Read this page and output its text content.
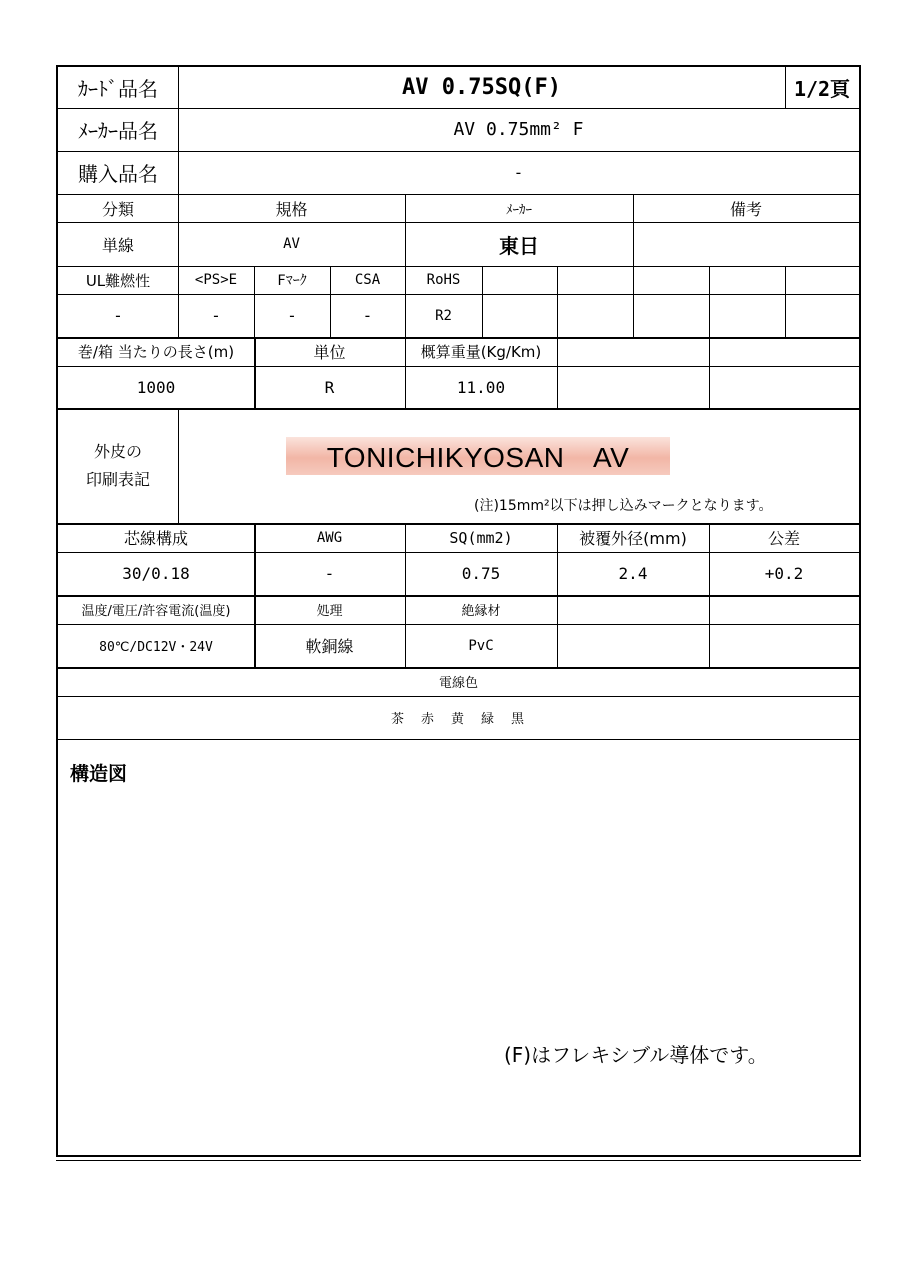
ｶｰﾄﾞ品名	AV 0.75SQ(F)	1/2頁
ﾒｰｶｰ品名	AV 0.75mm² F
購入品名	-
分類	規格	ﾒｰｶｰ	備考
単線	AV	東日
UL難燃性	<PS>E	Fﾏｰｸ	CSA	RoHS
-	-	-	-	R2
巻/箱 当たりの長さ(m)	単位	概算重量(Kg/Km)
1000	R	11.00
外皮の
印刷表記
TONICHIKYOSAN　AV
(注)15mm²以下は押し込みマークとなります。
芯線構成	AWG	SQ(mm2)	被覆外径(mm)	公差
30/0.18	-	0.75	2.4	+0.2
温度/電圧/許容電流(温度)	処理	絶縁材
80℃/DC12V・24V	軟銅線	PvC
電線色
茶　赤　黄　緑　黒
構造図
(F)はフレキシブル導体です。
